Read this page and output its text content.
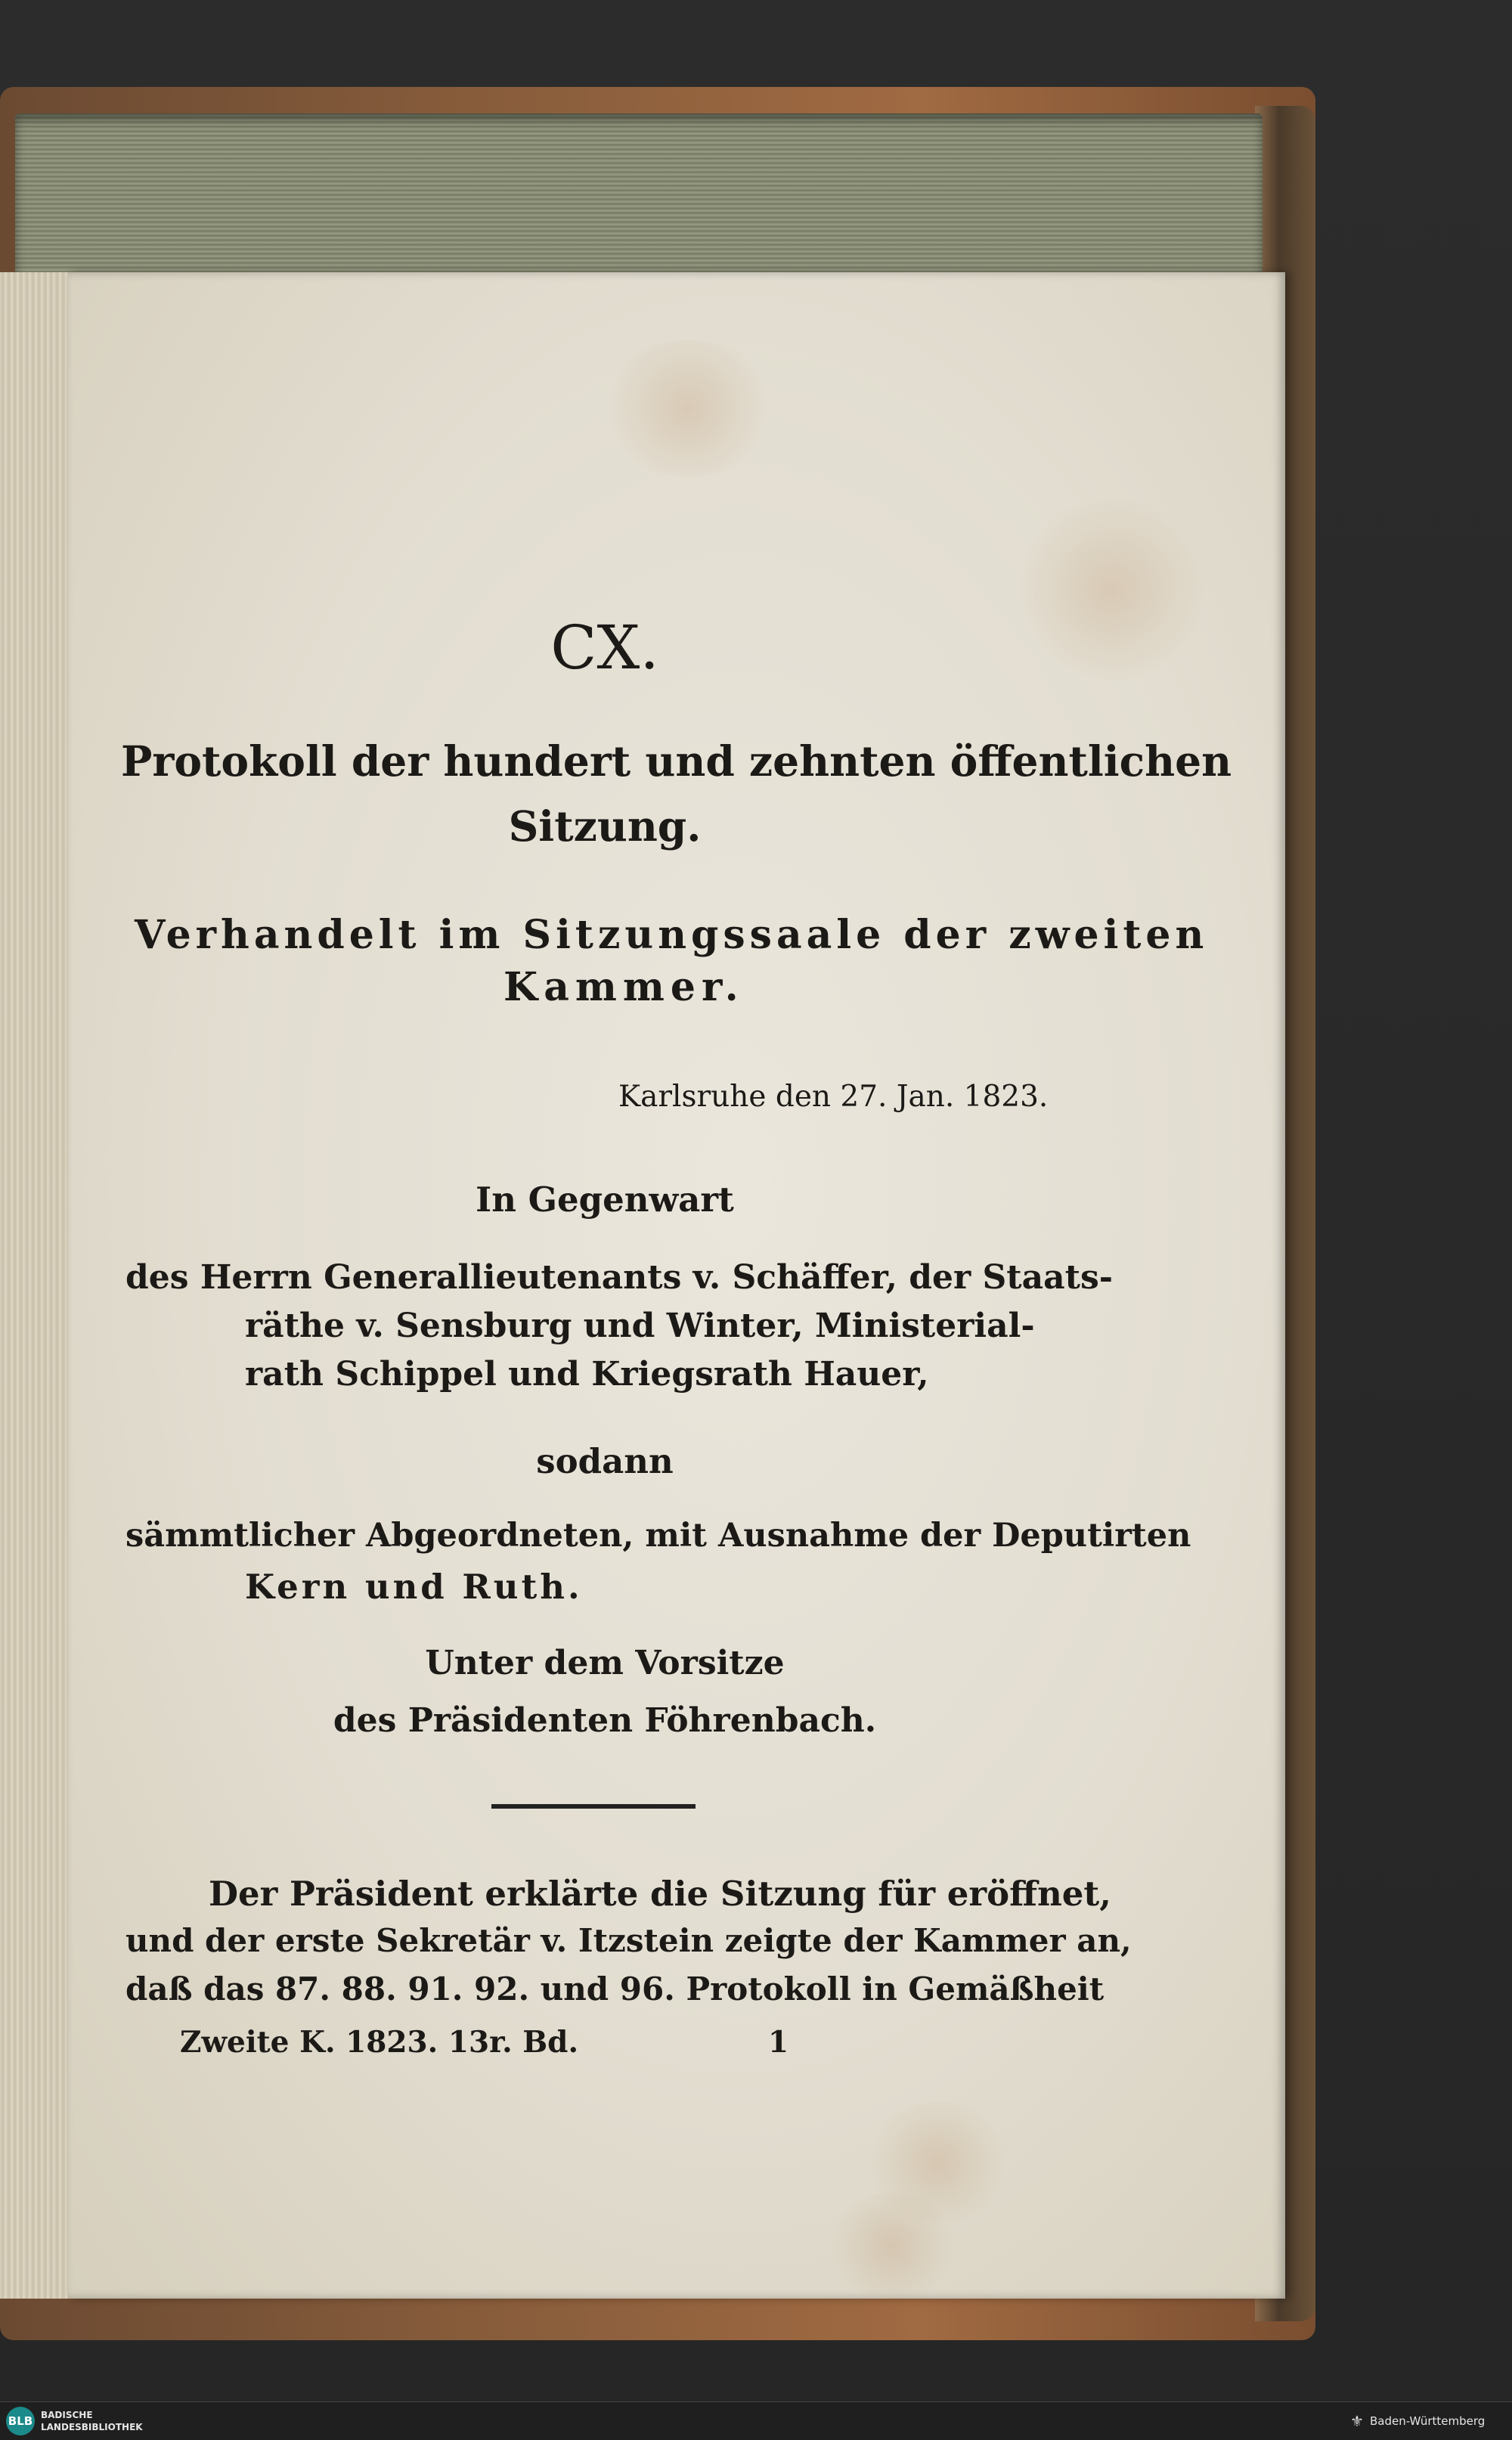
CX.
Protokoll der hundert und zehnten öffentlichen
Sitzung.
Verhandelt im Sitzungssaale der zweiten
Kammer.
Karlsruhe den 27. Jan. 1823.
In Gegenwart
des Herrn Generallieutenants v. Schäffer, der Staats-
räthe v. Sensburg und Winter, Ministerial-
rath Schippel und Kriegsrath Hauer,
sodann
sämmtlicher Abgeordneten, mit Ausnahme der Deputirten
Kern und Ruth.
Unter dem Vorsitze
des Präsidenten Föhrenbach.
Der Präsident erklärte die Sitzung für eröffnet,
und der erste Sekretär v. Itzstein zeigte der Kammer an,
daß das 87. 88. 91. 92. und 96. Protokoll in Gemäßheit
Zweite K. 1823. 13r. Bd.	1
BLB BADISCHE
LANDESBIBLIOTHEK	⚜ Baden-Württemberg
